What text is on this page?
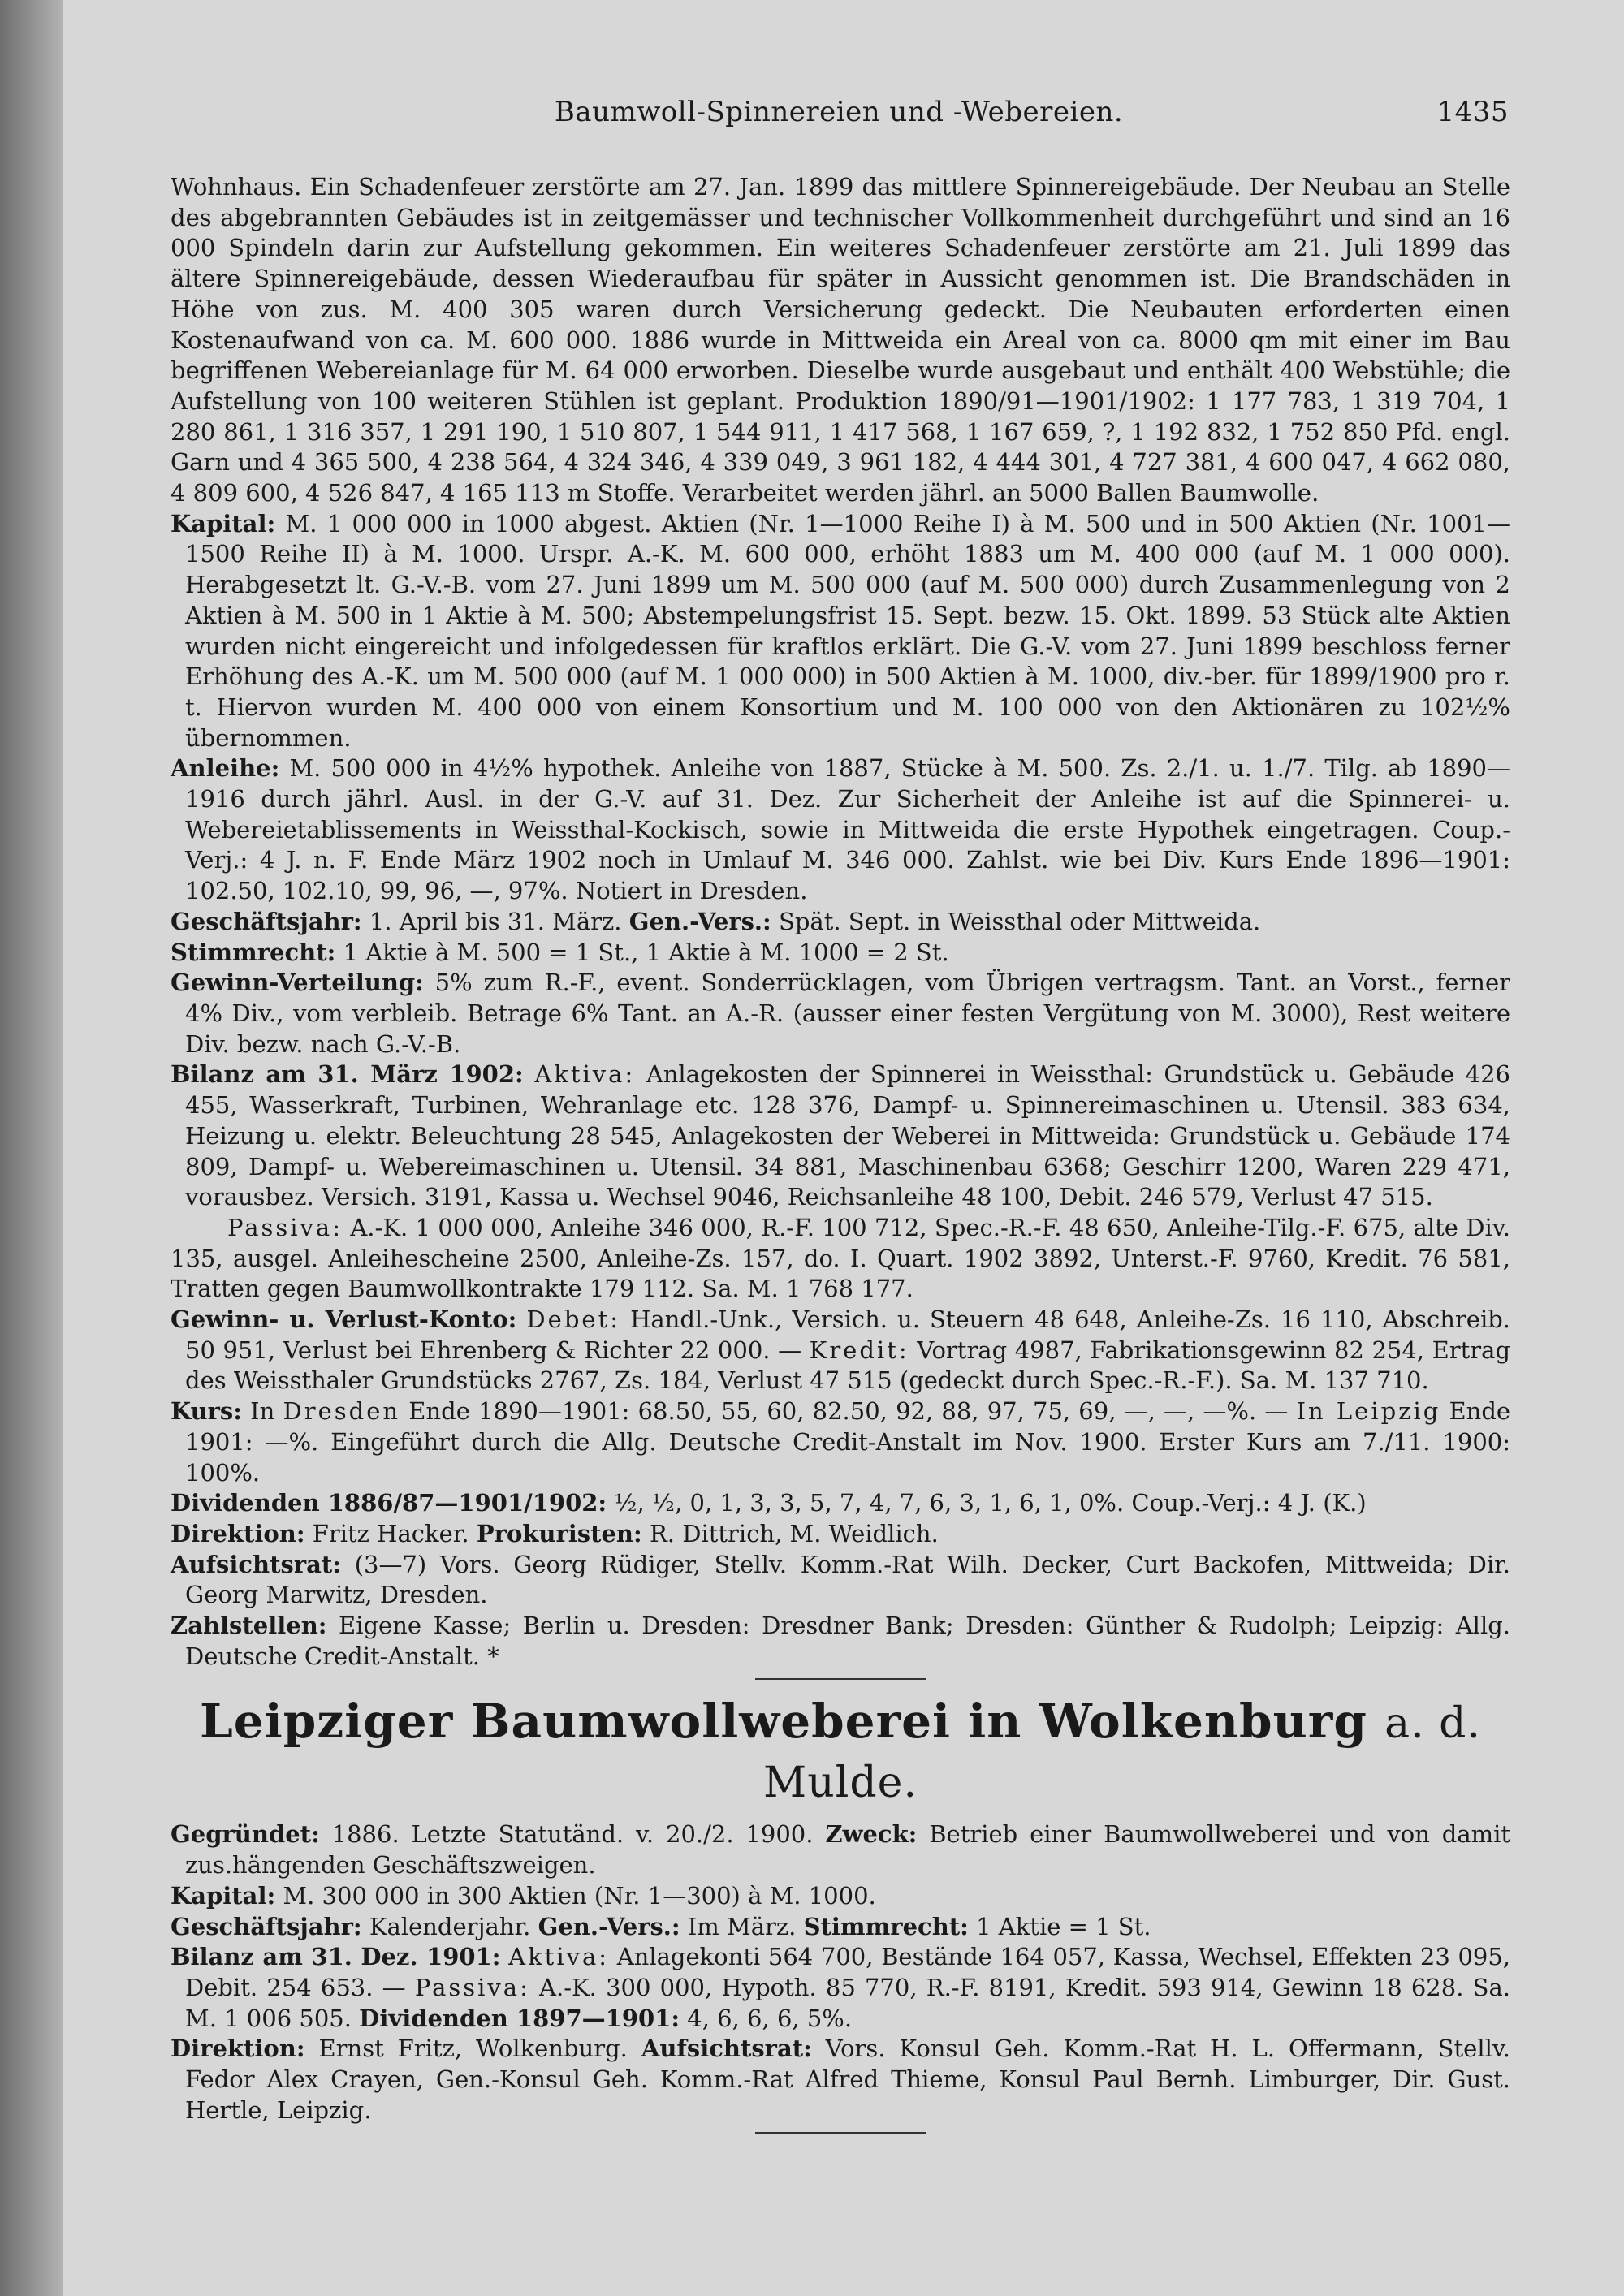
Baumwoll-Spinnereien und -Webereien.	1435

Wohnhaus. Ein Schadenfeuer zerstörte am 27. Jan. 1899 das mittlere Spinnereigebäude. Der Neubau an Stelle des abgebrannten Gebäudes ist in zeitgemässer und technischer Vollkommenheit durchgeführt und sind an 16 000 Spindeln darin zur Aufstellung gekommen. Ein weiteres Schadenfeuer zerstörte am 21. Juli 1899 das ältere Spinnereigebäude, dessen Wiederaufbau für später in Aussicht genommen ist. Die Brandschäden in Höhe von zus. M. 400 305 waren durch Versicherung gedeckt. Die Neubauten erforderten einen Kostenaufwand von ca. M. 600 000. 1886 wurde in Mittweida ein Areal von ca. 8000 qm mit einer im Bau begriffenen Webereianlage für M. 64 000 erworben. Dieselbe wurde ausgebaut und enthält 400 Webstühle; die Aufstellung von 100 weiteren Stühlen ist geplant. Produktion 1890/91—1901/1902: 1 177 783, 1 319 704, 1 280 861, 1 316 357, 1 291 190, 1 510 807, 1 544 911, 1 417 568, 1 167 659, ?, 1 192 832, 1 752 850 Pfd. engl. Garn und 4 365 500, 4 238 564, 4 324 346, 4 339 049, 3 961 182, 4 444 301, 4 727 381, 4 600 047, 4 662 080, 4 809 600, 4 526 847, 4 165 113 m Stoffe. Verarbeitet werden jährl. an 5000 Ballen Baumwolle.

Kapital: M. 1 000 000 in 1000 abgest. Aktien (Nr. 1—1000 Reihe I) à M. 500 und in 500 Aktien (Nr. 1001—1500 Reihe II) à M. 1000. Urspr. A.-K. M. 600 000, erhöht 1883 um M. 400 000 (auf M. 1 000 000). Herabgesetzt lt. G.-V.-B. vom 27. Juni 1899 um M. 500 000 (auf M. 500 000) durch Zusammenlegung von 2 Aktien à M. 500 in 1 Aktie à M. 500; Abstempelungsfrist 15. Sept. bezw. 15. Okt. 1899. 53 Stück alte Aktien wurden nicht eingereicht und infolgedessen für kraftlos erklärt. Die G.-V. vom 27. Juni 1899 beschloss ferner Erhöhung des A.-K. um M. 500 000 (auf M. 1 000 000) in 500 Aktien à M. 1000, div.-ber. für 1899/1900 pro r. t. Hiervon wurden M. 400 000 von einem Konsortium und M. 100 000 von den Aktionären zu 102½% übernommen.

Anleihe: M. 500 000 in 4½% hypothek. Anleihe von 1887, Stücke à M. 500. Zs. 2./1. u. 1./7. Tilg. ab 1890—1916 durch jährl. Ausl. in der G.-V. auf 31. Dez. Zur Sicherheit der Anleihe ist auf die Spinnerei- u. Webereietablissements in Weissthal-Kockisch, sowie in Mittweida die erste Hypothek eingetragen. Coup.-Verj.: 4 J. n. F. Ende März 1902 noch in Umlauf M. 346 000. Zahlst. wie bei Div. Kurs Ende 1896—1901: 102.50, 102.10, 99, 96, —, 97%. Notiert in Dresden.

Geschäftsjahr: 1. April bis 31. März. Gen.-Vers.: Spät. Sept. in Weissthal oder Mittweida.

Stimmrecht: 1 Aktie à M. 500 = 1 St., 1 Aktie à M. 1000 = 2 St.

Gewinn-Verteilung: 5% zum R.-F., event. Sonderrücklagen, vom Übrigen vertragsm. Tant. an Vorst., ferner 4% Div., vom verbleib. Betrage 6% Tant. an A.-R. (ausser einer festen Vergütung von M. 3000), Rest weitere Div. bezw. nach G.-V.-B.

Bilanz am 31. März 1902: Aktiva: Anlagekosten der Spinnerei in Weissthal: Grundstück u. Gebäude 426 455, Wasserkraft, Turbinen, Wehranlage etc. 128 376, Dampf- u. Spinnereimaschinen u. Utensil. 383 634, Heizung u. elektr. Beleuchtung 28 545, Anlagekosten der Weberei in Mittweida: Grundstück u. Gebäude 174 809, Dampf- u. Webereimaschinen u. Utensil. 34 881, Maschinenbau 6368; Geschirr 1200, Waren 229 471, vorausbez. Versich. 3191, Kassa u. Wechsel 9046, Reichsanleihe 48 100, Debit. 246 579, Verlust 47 515.

Passiva: A.-K. 1 000 000, Anleihe 346 000, R.-F. 100 712, Spec.-R.-F. 48 650, Anleihe-Tilg.-F. 675, alte Div. 135, ausgel. Anleihescheine 2500, Anleihe-Zs. 157, do. I. Quart. 1902 3892, Unterst.-F. 9760, Kredit. 76 581, Tratten gegen Baumwollkontrakte 179 112. Sa. M. 1 768 177.

Gewinn- u. Verlust-Konto: Debet: Handl.-Unk., Versich. u. Steuern 48 648, Anleihe-Zs. 16 110, Abschreib. 50 951, Verlust bei Ehrenberg & Richter 22 000. — Kredit: Vortrag 4987, Fabrikationsgewinn 82 254, Ertrag des Weissthaler Grundstücks 2767, Zs. 184, Verlust 47 515 (gedeckt durch Spec.-R.-F.). Sa. M. 137 710.

Kurs: In Dresden Ende 1890—1901: 68.50, 55, 60, 82.50, 92, 88, 97, 75, 69, —, —, —%. — In Leipzig Ende 1901: —%. Eingeführt durch die Allg. Deutsche Credit-Anstalt im Nov. 1900. Erster Kurs am 7./11. 1900: 100%.

Dividenden 1886/87—1901/1902: ½, ½, 0, 1, 3, 3, 5, 7, 4, 7, 6, 3, 1, 6, 1, 0%. Coup.-Verj.: 4 J. (K.)

Direktion: Fritz Hacker. Prokuristen: R. Dittrich, M. Weidlich.

Aufsichtsrat: (3—7) Vors. Georg Rüdiger, Stellv. Komm.-Rat Wilh. Decker, Curt Backofen, Mittweida; Dir. Georg Marwitz, Dresden.

Zahlstellen: Eigene Kasse; Berlin u. Dresden: Dresdner Bank; Dresden: Günther & Rudolph; Leipzig: Allg. Deutsche Credit-Anstalt. *

Leipziger Baumwollweberei in Wolkenburg a. d. Mulde.

Gegründet: 1886. Letzte Statutänd. v. 20./2. 1900. Zweck: Betrieb einer Baumwollweberei und von damit zus.hängenden Geschäftszweigen.

Kapital: M. 300 000 in 300 Aktien (Nr. 1—300) à M. 1000.

Geschäftsjahr: Kalenderjahr. Gen.-Vers.: Im März. Stimmrecht: 1 Aktie = 1 St.

Bilanz am 31. Dez. 1901: Aktiva: Anlagekonti 564 700, Bestände 164 057, Kassa, Wechsel, Effekten 23 095, Debit. 254 653. — Passiva: A.-K. 300 000, Hypoth. 85 770, R.-F. 8191, Kredit. 593 914, Gewinn 18 628. Sa. M. 1 006 505. Dividenden 1897—1901: 4, 6, 6, 6, 5%.

Direktion: Ernst Fritz, Wolkenburg. Aufsichtsrat: Vors. Konsul Geh. Komm.-Rat H. L. Offermann, Stellv. Fedor Alex Crayen, Gen.-Konsul Geh. Komm.-Rat Alfred Thieme, Konsul Paul Bernh. Limburger, Dir. Gust. Hertle, Leipzig.
